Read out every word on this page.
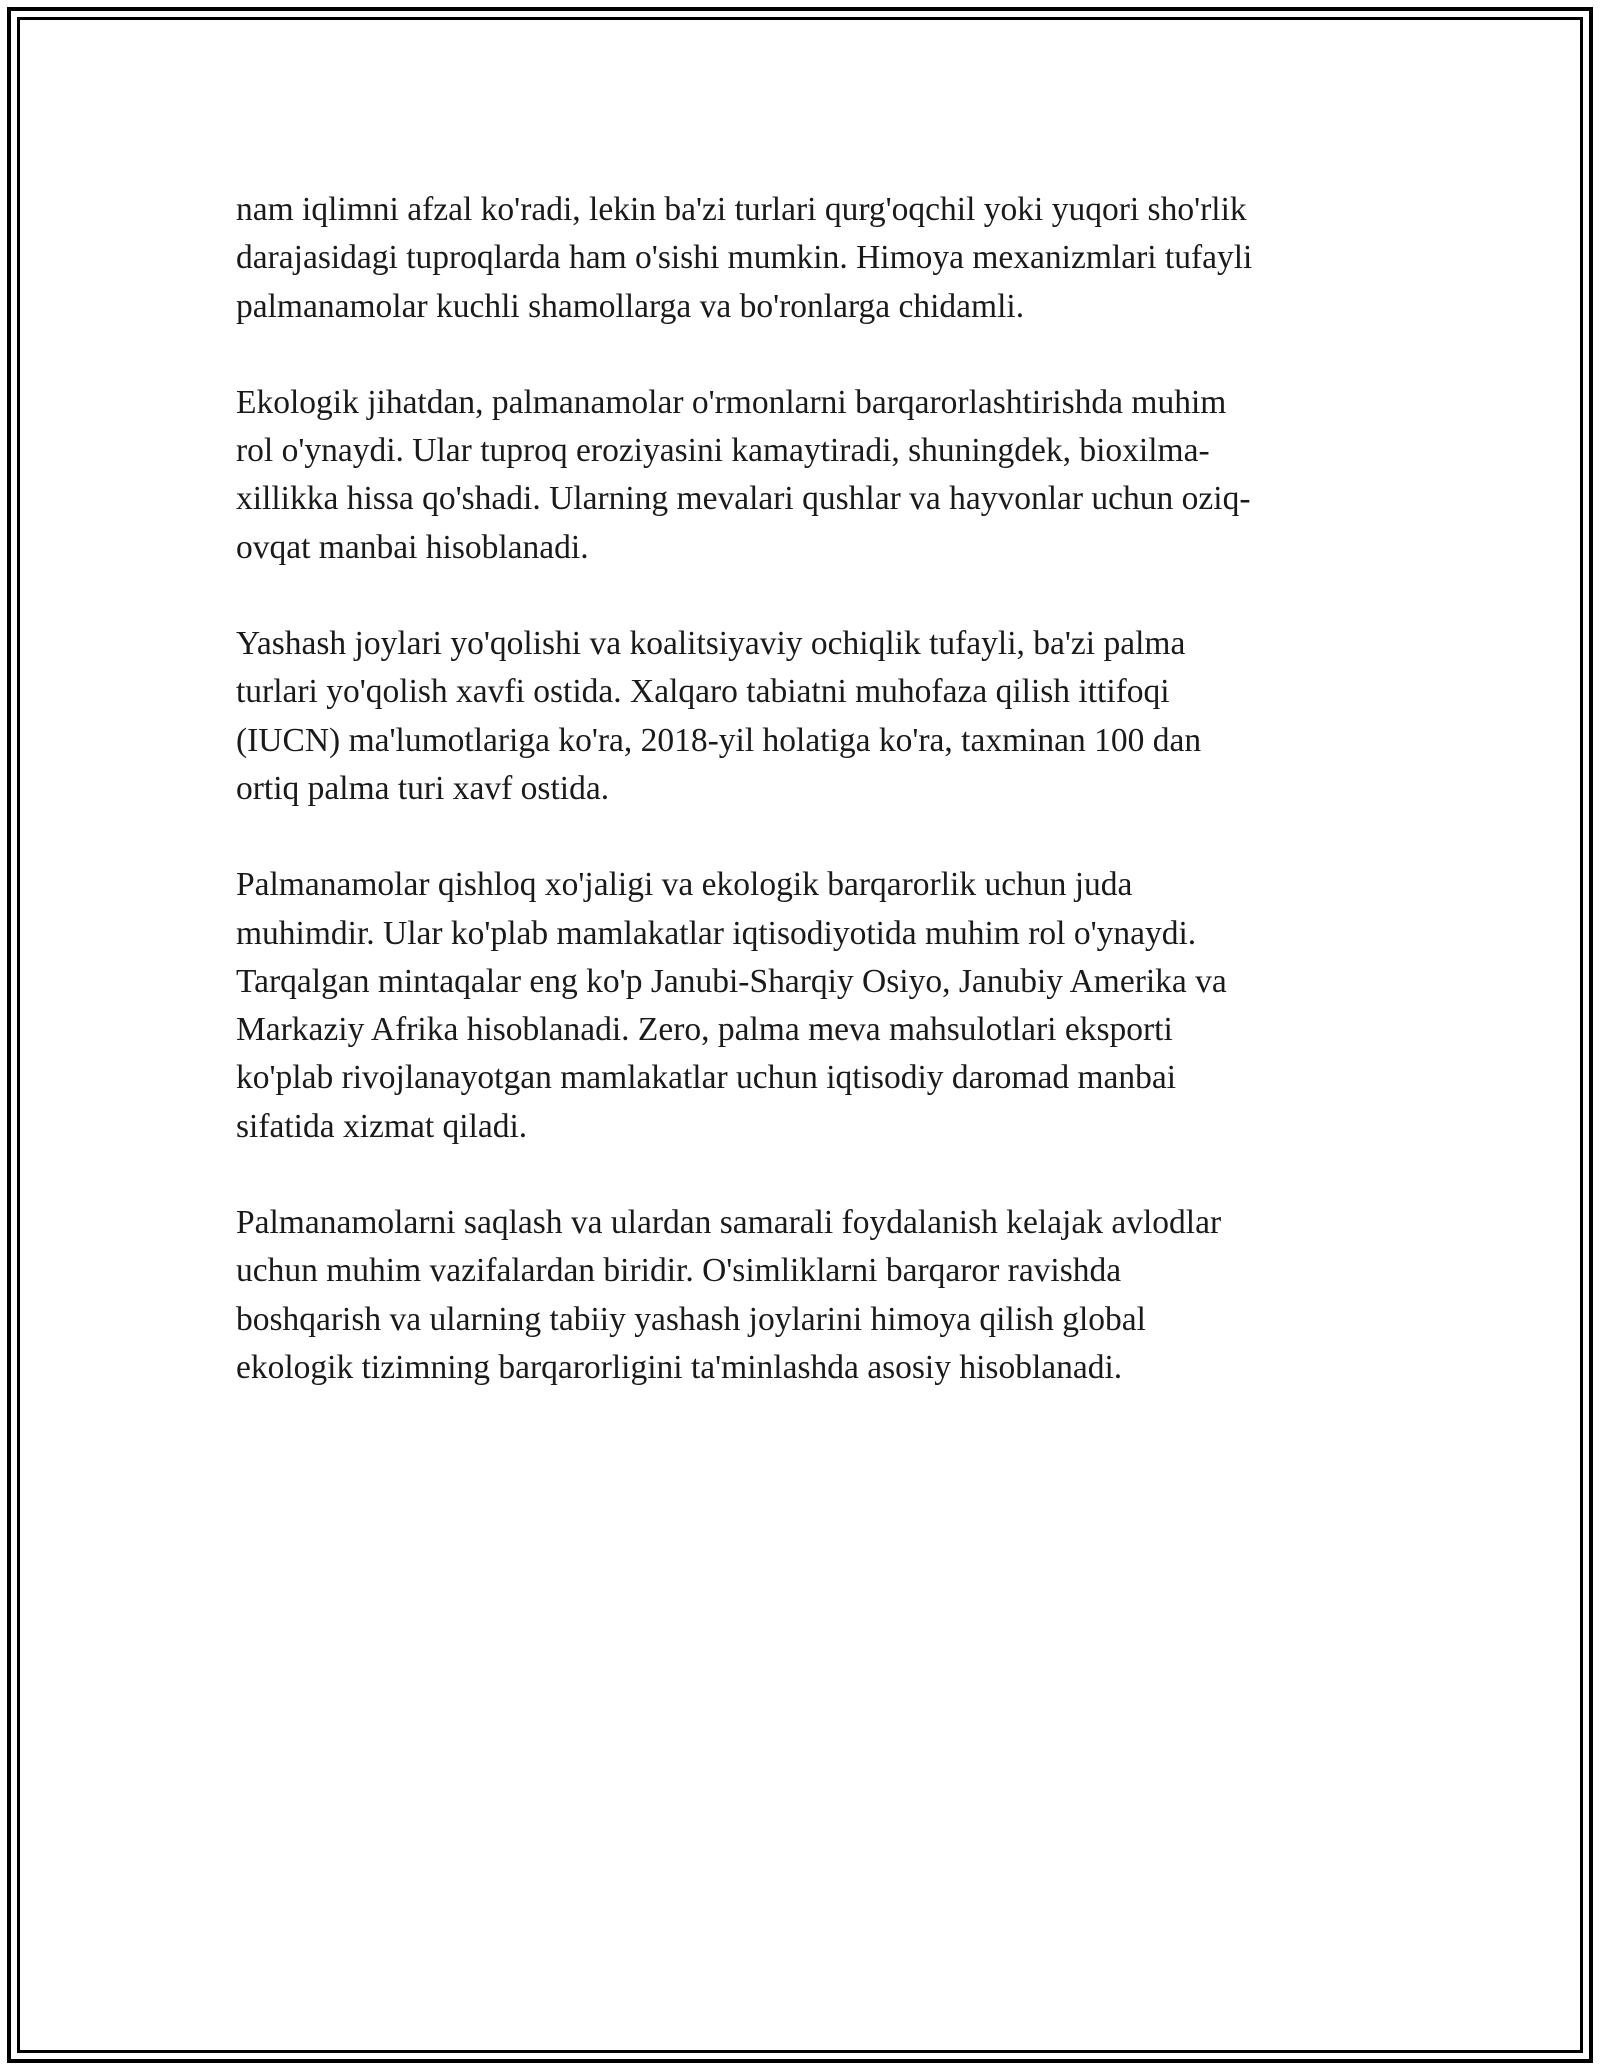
nam iqlimni afzal ko'radi, lekin ba'zi turlari qurg'oqchil yoki yuqori sho'rlik
darajasidagi tuproqlarda ham o'sishi mumkin. Himoya mexanizmlari tufayli
palmanamolar kuchli shamollarga va bo'ronlarga chidamli.

Ekologik jihatdan, palmanamolar o'rmonlarni barqarorlashtirishda muhim
rol o'ynaydi. Ular tuproq eroziyasini kamaytiradi, shuningdek, bioxilma-
xillikka hissa qo'shadi. Ularning mevalari qushlar va hayvonlar uchun oziq-
ovqat manbai hisoblanadi.

Yashash joylari yo'qolishi va koalitsiyaviy ochiqlik tufayli, ba'zi palma
turlari yo'qolish xavfi ostida. Xalqaro tabiatni muhofaza qilish ittifoqi
(IUCN) ma'lumotlariga ko'ra, 2018-yil holatiga ko'ra, taxminan 100 dan
ortiq palma turi xavf ostida.

Palmanamolar qishloq xo'jaligi va ekologik barqarorlik uchun juda
muhimdir. Ular ko'plab mamlakatlar iqtisodiyotida muhim rol o'ynaydi.
Tarqalgan mintaqalar eng ko'p Janubi-Sharqiy Osiyo, Janubiy Amerika va
Markaziy Afrika hisoblanadi. Zero, palma meva mahsulotlari eksporti
ko'plab rivojlanayotgan mamlakatlar uchun iqtisodiy daromad manbai
sifatida xizmat qiladi.

Palmanamolarni saqlash va ulardan samarali foydalanish kelajak avlodlar
uchun muhim vazifalardan biridir. O'simliklarni barqaror ravishda
boshqarish va ularning tabiiy yashash joylarini himoya qilish global
ekologik tizimning barqarorligini ta'minlashda asosiy hisoblanadi.
